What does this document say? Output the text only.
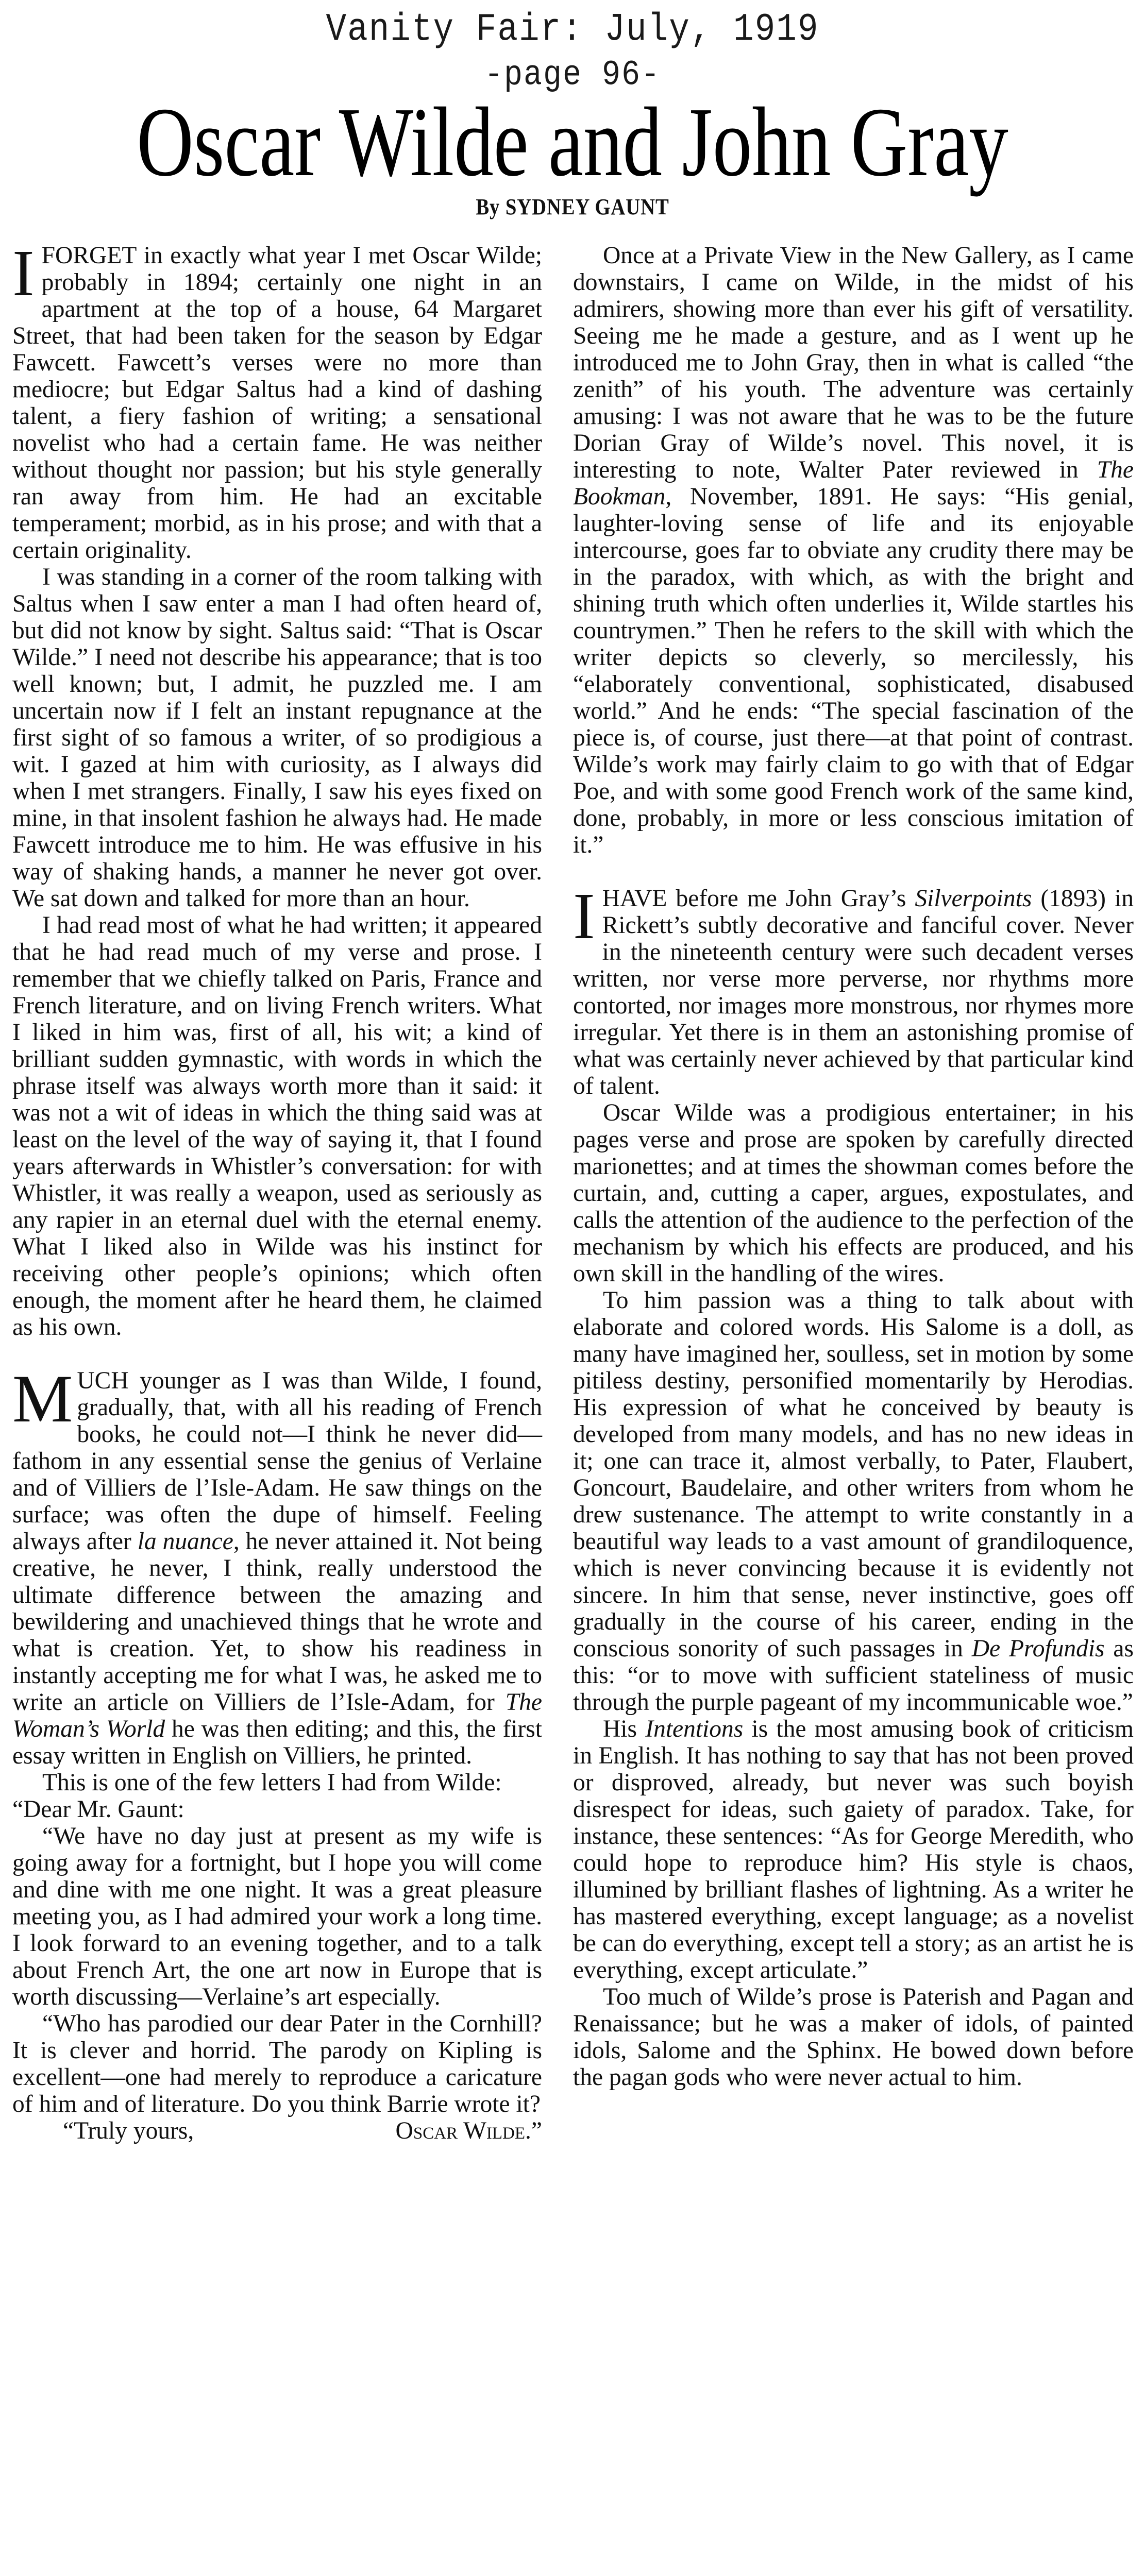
Vanity Fair: July, 1919
-page 96-
Oscar Wilde and John Gray
By SYDNEY GAUNT

IFORGET in exactly what year I met Oscar Wilde; probably in 1894; certainly one night in an apartment at the top of a house, 64 Margaret Street, that had been taken for the season by Edgar Fawcett. Fawcett’s verses were no more than mediocre; but Edgar Saltus had a kind of dashing talent, a fiery fashion of writing; a sensational novelist who had a certain fame. He was neither without thought nor passion; but his style generally ran away from him. He had an excitable temperament; morbid, as in his prose; and with that a certain originality.

I was standing in a corner of the room talking with Saltus when I saw enter a man I had often heard of, but did not know by sight. Saltus said: “That is Oscar Wilde.” I need not describe his appearance; that is too well known; but, I admit, he puzzled me. I am uncertain now if I felt an instant repugnance at the first sight of so famous a writer, of so prodigious a wit. I gazed at him with curiosity, as I always did when I met strangers. Finally, I saw his eyes fixed on mine, in that insolent fashion he always had. He made Fawcett introduce me to him. He was effusive in his way of shaking hands, a manner he never got over. We sat down and talked for more than an hour.

I had read most of what he had written; it appeared that he had read much of my verse and prose. I remember that we chiefly talked on Paris, France and French literature, and on living French writers. What I liked in him was, first of all, his wit; a kind of brilliant sudden gymnastic, with words in which the phrase itself was always worth more than it said: it was not a wit of ideas in which the thing said was at least on the level of the way of saying it, that I found years afterwards in Whistler’s conversation: for with Whistler, it was really a weapon, used as seriously as any rapier in an eternal duel with the eternal enemy. What I liked also in Wilde was his instinct for receiving other people’s opinions; which often enough, the moment after he heard them, he claimed as his own.

MUCH younger as I was than Wilde, I found, gradually, that, with all his reading of French books, he could not—I think he never did—fathom in any essential sense the genius of Verlaine and of Villiers de l’Isle-Adam. He saw things on the surface; was often the dupe of himself. Feeling always after la nuance, he never attained it. Not being creative, he never, I think, really understood the ultimate difference between the amazing and bewildering and unachieved things that he wrote and what is creation. Yet, to show his readiness in instantly accepting me for what I was, he asked me to write an article on Villiers de l’Isle-Adam, for The Woman’s World he was then editing; and this, the first essay written in English on Villiers, he printed.

This is one of the few letters I had from Wilde:

“Dear Mr. Gaunt:

“We have no day just at present as my wife is going away for a fortnight, but I hope you will come and dine with me one night. It was a great pleasure meeting you, as I had admired your work a long time. I look forward to an evening together, and to a talk about French Art, the one art now in Europe that is worth discussing—Verlaine’s art especially.

“Who has parodied our dear Pater in the Cornhill? It is clever and horrid. The parody on Kipling is excellent—one had merely to reproduce a caricature of him and of literature. Do you think Barrie wrote it?

“Truly yours,	Oscar Wilde.”

Once at a Private View in the New Gallery, as I came downstairs, I came on Wilde, in the midst of his admirers, showing more than ever his gift of versatility. Seeing me he made a gesture, and as I went up he introduced me to John Gray, then in what is called “the zenith” of his youth. The adventure was certainly amusing: I was not aware that he was to be the future Dorian Gray of Wilde’s novel. This novel, it is interesting to note, Walter Pater reviewed in The Bookman, November, 1891. He says: “His genial, laughter-loving sense of life and its enjoyable intercourse, goes far to obviate any crudity there may be in the paradox, with which, as with the bright and shining truth which often underlies it, Wilde startles his countrymen.” Then he refers to the skill with which the writer depicts so cleverly, so mercilessly, his “elaborately conventional, sophisticated, disabused world.” And he ends: “The special fascination of the piece is, of course, just there—at that point of contrast. Wilde’s work may fairly claim to go with that of Edgar Poe, and with some good French work of the same kind, done, probably, in more or less conscious imitation of it.”

IHAVE before me John Gray’s Silverpoints (1893) in Rickett’s subtly decorative and fanciful cover. Never in the nineteenth century were such decadent verses written, nor verse more perverse, nor rhythms more contorted, nor images more monstrous, nor rhymes more irregular. Yet there is in them an astonishing promise of what was certainly never achieved by that particular kind of talent.

Oscar Wilde was a prodigious entertainer; in his pages verse and prose are spoken by carefully directed marionettes; and at times the showman comes before the curtain, and, cutting a caper, argues, expostulates, and calls the attention of the audience to the perfection of the mechanism by which his effects are produced, and his own skill in the handling of the wires.

To him passion was a thing to talk about with elaborate and colored words. His Salome is a doll, as many have imagined her, soulless, set in motion by some pitiless destiny, personified momentarily by Herodias. His expression of what he conceived by beauty is developed from many models, and has no new ideas in it; one can trace it, almost verbally, to Pater, Flaubert, Goncourt, Baudelaire, and other writers from whom he drew sustenance. The attempt to write constantly in a beautiful way leads to a vast amount of grandiloquence, which is never convincing because it is evidently not sincere. In him that sense, never instinctive, goes off gradually in the course of his career, ending in the conscious sonority of such passages in De Profundis as this: “or to move with sufficient stateliness of music through the purple pageant of my incommunicable woe.”

His Intentions is the most amusing book of criticism in English. It has nothing to say that has not been proved or disproved, already, but never was such boyish disrespect for ideas, such gaiety of paradox. Take, for instance, these sentences: “As for George Meredith, who could hope to reproduce him? His style is chaos, illumined by brilliant flashes of lightning. As a writer he has mastered everything, except language; as a novelist be can do everything, except tell a story; as an artist he is everything, except articulate.”

Too much of Wilde’s prose is Paterish and Pagan and Renaissance; but he was a maker of idols, of painted idols, Salome and the Sphinx. He bowed down before the pagan gods who were never actual to him.
